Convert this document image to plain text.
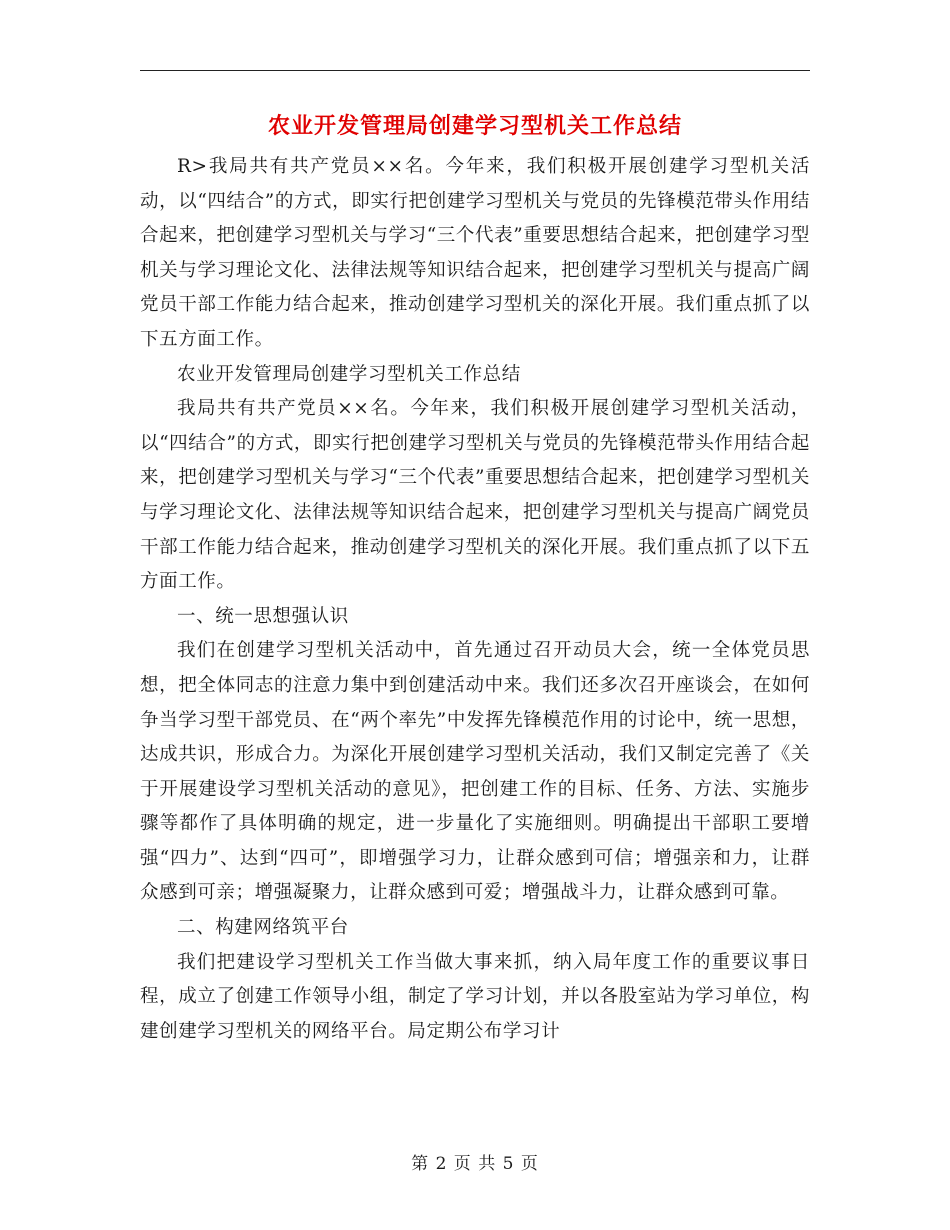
农业开发管理局创建学习型机关工作总结

R>我局共有共产党员××名。今年来，我们积极开展创建学习型机关活动，以“四结合”的方式，即实行把创建学习型机关与党员的先锋模范带头作用结合起来，把创建学习型机关与学习“三个代表”重要思想结合起来，把创建学习型机关与学习理论文化、法律法规等知识结合起来，把创建学习型机关与提高广阔党员干部工作能力结合起来，推动创建学习型机关的深化开展。我们重点抓了以下五方面工作。

农业开发管理局创建学习型机关工作总结

我局共有共产党员××名。今年来，我们积极开展创建学习型机关活动，以“四结合”的方式，即实行把创建学习型机关与党员的先锋模范带头作用结合起来，把创建学习型机关与学习“三个代表”重要思想结合起来，把创建学习型机关与学习理论文化、法律法规等知识结合起来，把创建学习型机关与提高广阔党员干部工作能力结合起来，推动创建学习型机关的深化开展。我们重点抓了以下五方面工作。

一、统一思想强认识

我们在创建学习型机关活动中，首先通过召开动员大会，统一全体党员思想，把全体同志的注意力集中到创建活动中来。我们还多次召开座谈会，在如何争当学习型干部党员、在“两个率先”中发挥先锋模范作用的讨论中，统一思想，达成共识，形成合力。为深化开展创建学习型机关活动，我们又制定完善了《关于开展建设学习型机关活动的意见》，把创建工作的目标、任务、方法、实施步骤等都作了具体明确的规定，进一步量化了实施细则。明确提出干部职工要增强“四力”、达到“四可”，即增强学习力，让群众感到可信；增强亲和力，让群众感到可亲；增强凝聚力，让群众感到可爱；增强战斗力，让群众感到可靠。

二、构建网络筑平台

我们把建设学习型机关工作当做大事来抓，纳入局年度工作的重要议事日程，成立了创建工作领导小组，制定了学习计划，并以各股室站为学习单位，构建创建学习型机关的网络平台。局定期公布学习计

第 2 页 共 5 页
